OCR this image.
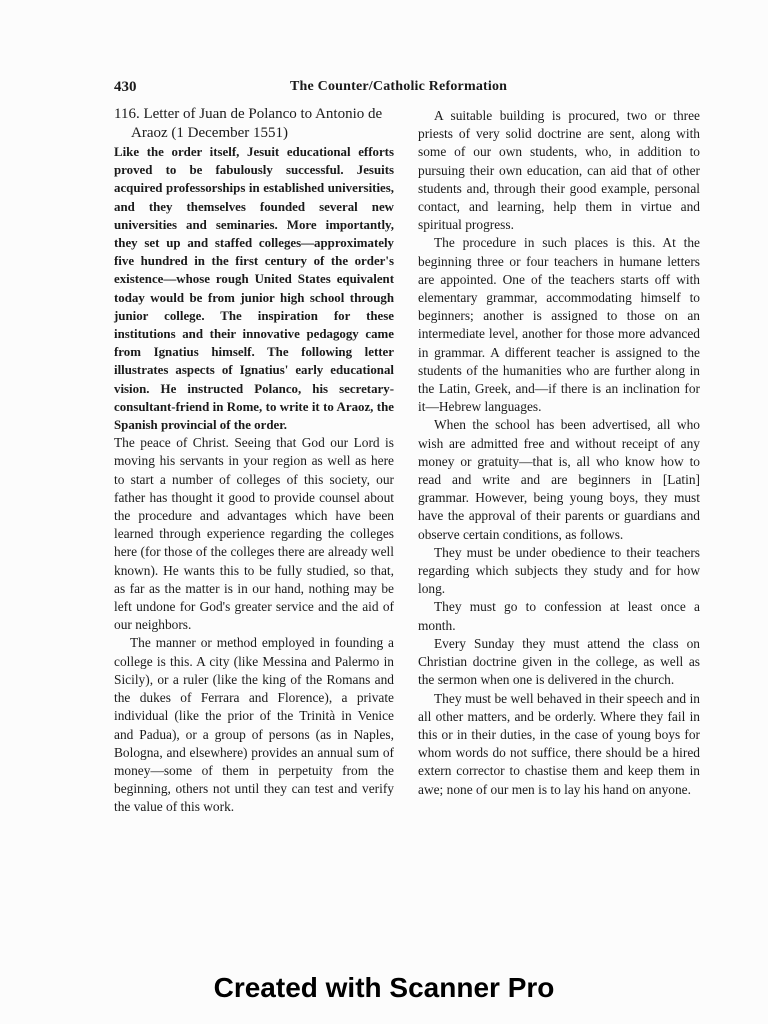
430	The Counter/Catholic Reformation

116. Letter of Juan de Polanco to Antonio de Araoz (1 December 1551)

Like the order itself, Jesuit educational efforts proved to be fabulously successful. Jesuits acquired professorships in established universities, and they themselves founded several new universities and seminaries. More importantly, they set up and staffed colleges—approximately five hundred in the first century of the order's existence—whose rough United States equivalent today would be from junior high school through junior college. The inspiration for these institutions and their innovative pedagogy came from Ignatius himself. The following letter illustrates aspects of Ignatius' early educational vision. He instructed Polanco, his secretary-consultant-friend in Rome, to write it to Araoz, the Spanish provincial of the order.

The peace of Christ. Seeing that God our Lord is moving his servants in your region as well as here to start a number of colleges of this society, our father has thought it good to provide counsel about the procedure and advantages which have been learned through experience regarding the colleges here (for those of the colleges there are already well known). He wants this to be fully studied, so that, as far as the matter is in our hand, nothing may be left undone for God's greater service and the aid of our neighbors.

The manner or method employed in founding a college is this. A city (like Messina and Palermo in Sicily), or a ruler (like the king of the Romans and the dukes of Ferrara and Florence), a private individual (like the prior of the Trinità in Venice and Padua), or a group of persons (as in Naples, Bologna, and elsewhere) provides an annual sum of money—some of them in perpetuity from the beginning, others not until they can test and verify the value of this work.

A suitable building is procured, two or three priests of very solid doctrine are sent, along with some of our own students, who, in addition to pursuing their own education, can aid that of other students and, through their good example, personal contact, and learning, help them in virtue and spiritual progress.

The procedure in such places is this. At the beginning three or four teachers in humane letters are appointed. One of the teachers starts off with elementary grammar, accommodating himself to beginners; another is assigned to those on an intermediate level, another for those more advanced in grammar. A different teacher is assigned to the students of the humanities who are further along in the Latin, Greek, and—if there is an inclination for it—Hebrew languages.

When the school has been advertised, all who wish are admitted free and without receipt of any money or gratuity—that is, all who know how to read and write and are beginners in [Latin] grammar. However, being young boys, they must have the approval of their parents or guardians and observe certain conditions, as follows.

They must be under obedience to their teachers regarding which subjects they study and for how long.

They must go to confession at least once a month.

Every Sunday they must attend the class on Christian doctrine given in the college, as well as the sermon when one is delivered in the church.

They must be well behaved in their speech and in all other matters, and be orderly. Where they fail in this or in their duties, in the case of young boys for whom words do not suffice, there should be a hired extern corrector to chastise them and keep them in awe; none of our men is to lay his hand on anyone.

Created with Scanner Pro
